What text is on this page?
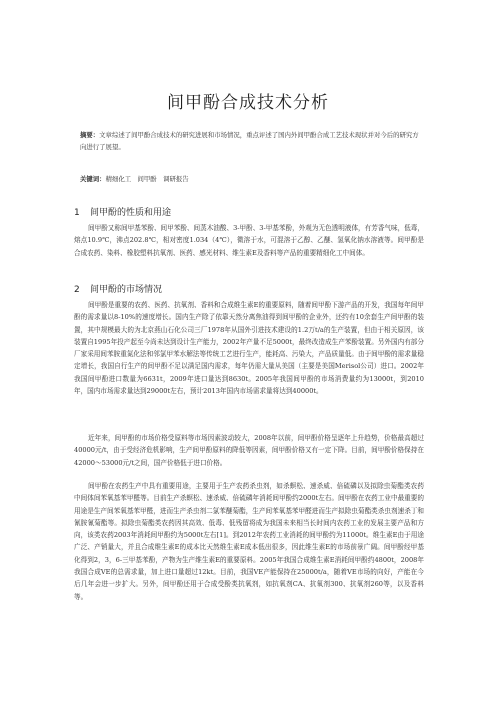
间甲酚合成技术分析
摘要：文章综述了间甲酚合成技术的研究进展和市场情况，重点评述了国内外间甲酚合成工艺技术现状并对今后的研究方向进行了展望。
关键词：精细化工　间甲酚　调研报告
1 间甲酚的性质和用途
间甲酚又称间甲基苯酚、间甲苯酚、间蒸木油酸、3-甲酚、3-甲基苯酚，外观为无色透明液体，有芳香气味，低毒，熔点10.9℃，沸点202.8℃，相对密度1.034（4℃），微溶于水，可混溶于乙醇、乙醚、氢氧化钠水溶液等。间甲酚是合成农药、染料、橡胶塑料抗氧剂、医药、感光材料、维生素E及香料等产品的重要精细化工中间体。
2 间甲酚的市场情况
间甲酚是重要的农药、医药、抗氧剂、香料和合成维生素E的重要原料，随着间甲酚下游产品的开发，我国每年间甲酚的需求量以8-10%的速度增长。国内生产除了依靠天然分离焦油得到间甲酚的企业外，还约有10余套生产间甲酚的装置，其中规模最大的为北京燕山石化公司三厂1978年从国外引进技术建设的1.2万t/a的生产装置，但由于相关原因，该装置自1995年投产起至今尚未达到设计生产能力，2002年产量不足5000t，最终改造成生产苯酚装置。另外国内有部分厂家采用间苯胺重氮化法和邻氯甲苯水解法等传统工艺进行生产，能耗高、污染大，产品质量低。由于间甲酚的需求量稳定增长，我国自行生产的间甲酚不足以满足国内需求，每年仍需大量从美国（主要是美国Merisol公司）进口。2002年我国间甲酚进口数量为6631t，2009年进口量达到8630t。2005年我国间甲酚的市场消费量约为13000t，到2010年，国内市场需求量达到29000t左右，预计2013年国内市场需求量将达到40000t。
近年来，间甲酚的市场价格受原料等市场因素波动较大，2008年以前，间甲酚价格呈逐年上升趋势，价格最高超过40000元/t，由于受经济危机影响，生产间甲酚原料的降低等因素，间甲酚价格又有一定下降。目前，间甲酚价格保持在42000～53000元/t之间，国产价格低于进口价格。
间甲酚在农药生产中具有重要用途，主要用于生产农药杀虫剂，如杀螟松、速杀威、倍硫磷以及拟除虫菊酯类农药中间体间苯氧基苯甲醛等。目前生产杀螟松、速杀威、倍硫磷年消耗间甲酚约2000t左右。间甲酚在农药工业中最重要的用途是生产间苯氧基苯甲醛，进而生产杀虫剂二氯苯醚菊酯，生产间苯氧基苯甲醛进而生产拟除虫菊酯类杀虫剂速杀丁和氰胺氰菊酯等。拟除虫菊酯类农药因其高效、低毒、低残留将成为我国未来相当长时间内农药工业的发展主要产品和方向，该类农药2003年消耗间甲酚约为5000t左右[1]。到2012年农药工业消耗的间甲酚约为11000t。维生素E由于用途广泛、产销量大，并且合成维生素E的成本比天然维生素E成本低出很多，因此维生素E的市场前景广阔。间甲酚经甲基化得到2，3，6-三甲基苯酚，产物为生产维生素E的重要原料。2005年我国合成维生素E消耗间甲酚约4800t，2008年我国合成VE的总需求量，加上进口量超过12kt。目前，我国VE产能保持在25000t/a，随着VE市场的向好，产能在今后几年会进一步扩大。另外，间甲酚还用于合成受酚类抗氧剂，如抗氧剂CA、抗氧剂300、抗氧剂260等，以及香料等。
